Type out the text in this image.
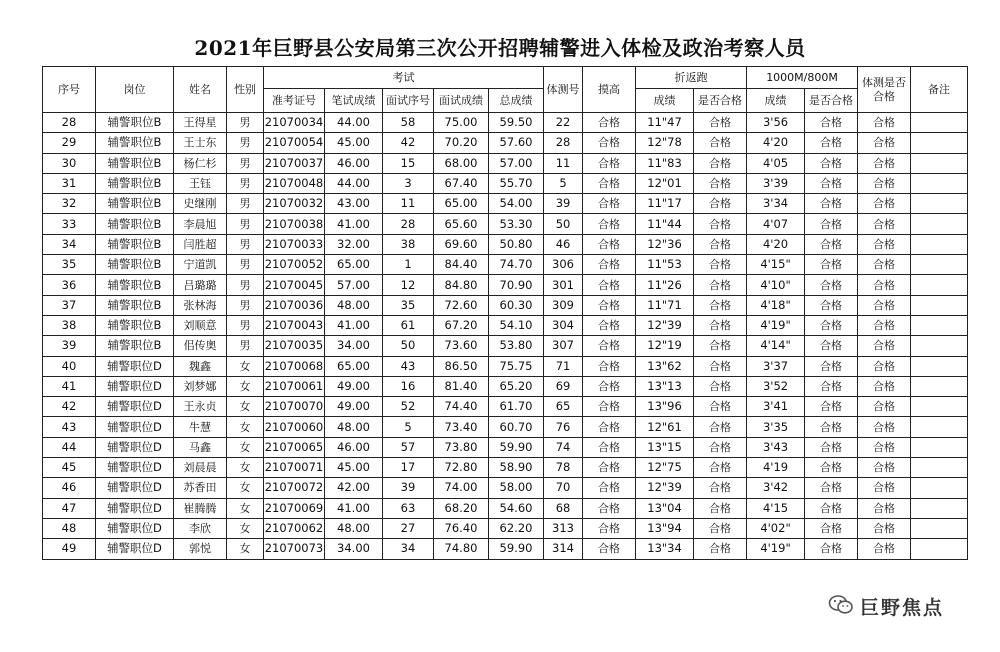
2021年巨野县公安局第三次公开招聘辅警进入体检及政治考察人员
序号	岗位	姓名	性别	考试					体测号	摸高	折返跑		1000M/800M		体测是否合格	备注
				准考证号	笔试成绩	面试序号	面试成绩	总成绩			成绩	是否合格	成绩	是否合格		
28	辅警职位B	王得星	男	21070034	44.00	58	75.00	59.50	22	合格	11"47	合格	3'56	合格	合格	
29	辅警职位B	王士东	男	21070054	45.00	42	70.20	57.60	28	合格	12"78	合格	4'20	合格	合格	
30	辅警职位B	杨仁杉	男	21070037	46.00	15	68.00	57.00	11	合格	11"83	合格	4'05	合格	合格	
31	辅警职位B	王钰	男	21070048	44.00	3	67.40	55.70	5	合格	12"01	合格	3'39	合格	合格	
32	辅警职位B	史继刚	男	21070032	43.00	11	65.00	54.00	39	合格	11"17	合格	3'34	合格	合格	
33	辅警职位B	李晨旭	男	21070038	41.00	28	65.60	53.30	50	合格	11"44	合格	4'07	合格	合格	
34	辅警职位B	闫胜超	男	21070033	32.00	38	69.60	50.80	46	合格	12"36	合格	4'20	合格	合格	
35	辅警职位B	宁道凯	男	21070052	65.00	1	84.40	74.70	306	合格	11"53	合格	4'15"	合格	合格	
36	辅警职位B	吕璐璐	男	21070045	57.00	12	84.80	70.90	301	合格	11"26	合格	4'10"	合格	合格	
37	辅警职位B	张林海	男	21070036	48.00	35	72.60	60.30	309	合格	11"71	合格	4'18"	合格	合格	
38	辅警职位B	刘顺意	男	21070043	41.00	61	67.20	54.10	304	合格	12"39	合格	4'19"	合格	合格	
39	辅警职位B	佀传奥	男	21070035	34.00	50	73.60	53.80	307	合格	12"19	合格	4'14"	合格	合格	
40	辅警职位D	魏鑫	女	21070068	65.00	43	86.50	75.75	71	合格	13"62	合格	3'37	合格	合格	
41	辅警职位D	刘梦娜	女	21070061	49.00	16	81.40	65.20	69	合格	13"13	合格	3'52	合格	合格	
42	辅警职位D	王永贞	女	21070070	49.00	52	74.40	61.70	65	合格	13"96	合格	3'41	合格	合格	
43	辅警职位D	牛慧	女	21070060	48.00	5	73.40	60.70	76	合格	12"61	合格	3'35	合格	合格	
44	辅警职位D	马鑫	女	21070065	46.00	57	73.80	59.90	74	合格	13"15	合格	3'43	合格	合格	
45	辅警职位D	刘晨晨	女	21070071	45.00	17	72.80	58.90	78	合格	12"75	合格	4'19	合格	合格	
46	辅警职位D	苏香田	女	21070072	42.00	39	74.00	58.00	70	合格	12"39	合格	3'42	合格	合格	
47	辅警职位D	崔腾腾	女	21070069	41.00	63	68.20	54.60	68	合格	13"04	合格	4'15	合格	合格	
48	辅警职位D	李欣	女	21070062	48.00	27	76.40	62.20	313	合格	13"94	合格	4'02"	合格	合格	
49	辅警职位D	郭悦	女	21070073	34.00	34	74.80	59.90	314	合格	13"34	合格	4'19"	合格	合格	
巨野焦点
